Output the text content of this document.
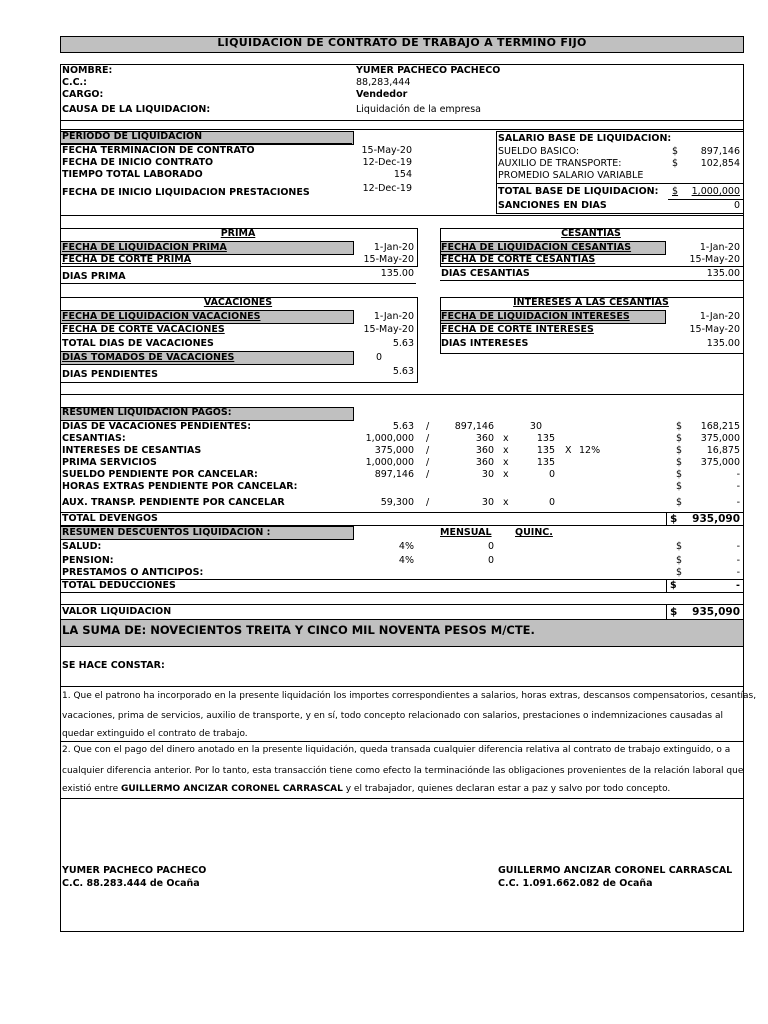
LIQUIDACION DE CONTRATO DE TRABAJO A TERMINO FIJO
NOMBRE:	YUMER PACHECO PACHECO
C.C.:	88,283,444
CARGO:	Vendedor
CAUSA DE LA LIQUIDACION:	Liquidación de la empresa
PERIODO DE LIQUIDACION
FECHA TERMINACION DE CONTRATO	15-May-20
FECHA DE INICIO CONTRATO	12-Dec-19
TIEMPO TOTAL LABORADO	154
FECHA DE INICIO LIQUIDACION PRESTACIONES	12-Dec-19
SALARIO BASE DE LIQUIDACION:
SUELDO BASICO:	$	897,146
AUXILIO DE TRANSPORTE:	$	102,854
PROMEDIO SALARIO VARIABLE
TOTAL BASE DE LIQUIDACION: $	1,000,000
SANCIONES EN DIAS	0
PRIMA
FECHA DE LIQUIDACION PRIMA	1-Jan-20
FECHA DE CORTE PRIMA	15-May-20
DIAS PRIMA	135.00
CESANTIAS
FECHA DE LIQUIDACION CESANTIAS	1-Jan-20
FECHA DE CORTE CESANTIAS	15-May-20
DIAS CESANTIAS	135.00
VACACIONES
FECHA DE LIQUIDACION VACACIONES	1-Jan-20
FECHA DE CORTE VACACIONES	15-May-20
TOTAL DIAS DE VACACIONES	5.63
DIAS TOMADOS DE VACACIONES	0
DIAS PENDIENTES	5.63
INTERESES A LAS CESANTIAS
FECHA DE LIQUIDACION INTERESES	1-Jan-20
FECHA DE CORTE INTERESES	15-May-20
DIAS INTERESES	135.00
RESUMEN LIQUIDACION PAGOS:
DIAS DE VACACIONES PENDIENTES:	5.63 /	897,146	30	$	168,215
CESANTIAS:	1,000,000 /	360 x	135	$	375,000
INTERESES DE CESANTIAS	375,000 /	360 x	135 X 12%	$	16,875
PRIMA SERVICIOS	1,000,000 /	360 x	135	$	375,000
SUELDO PENDIENTE POR CANCELAR:	897,146 /	30 x	0	$	-
HORAS EXTRAS PENDIENTE POR CANCELAR:	$	-
AUX. TRANSP. PENDIENTE POR CANCELAR	59,300 /	30 x	0	$	-
TOTAL DEVENGOS	$	935,090
RESUMEN DESCUENTOS LIQUIDACION :	MENSUAL QUINC.
SALUD:	4%	0	$	-
PENSION:	4%	0	$	-
PRESTAMOS O ANTICIPOS:	$	-
TOTAL DEDUCCIONES	$	-
VALOR LIQUIDACION	$	935,090
LA SUMA DE: NOVECIENTOS TREITA Y CINCO MIL NOVENTA PESOS M/CTE.
SE HACE CONSTAR:
1. Que el patrono ha incorporado en la presente liquidación los importes correspondientes a salarios, horas extras, descansos compensatorios, cesantías,
vacaciones, prima de servicios, auxilio de transporte, y en sí, todo concepto relacionado con salarios, prestaciones o indemnizaciones causadas al
quedar extinguido el contrato de trabajo.
2. Que con el pago del dinero anotado en la presente liquidación, queda transada cualquier diferencia relativa al contrato de trabajo extinguido, o a
cualquier diferencia anterior. Por lo tanto, esta transacción tiene como efecto la terminaciónde las obligaciones provenientes de la relación laboral que
existió entre GUILLERMO ANCIZAR CORONEL CARRASCAL y el trabajador, quienes declaran estar a paz y salvo por todo concepto.
YUMER PACHECO PACHECO
C.C. 88.283.444 de Ocaña
GUILLERMO ANCIZAR CORONEL CARRASCAL
C.C. 1.091.662.082 de Ocaña
